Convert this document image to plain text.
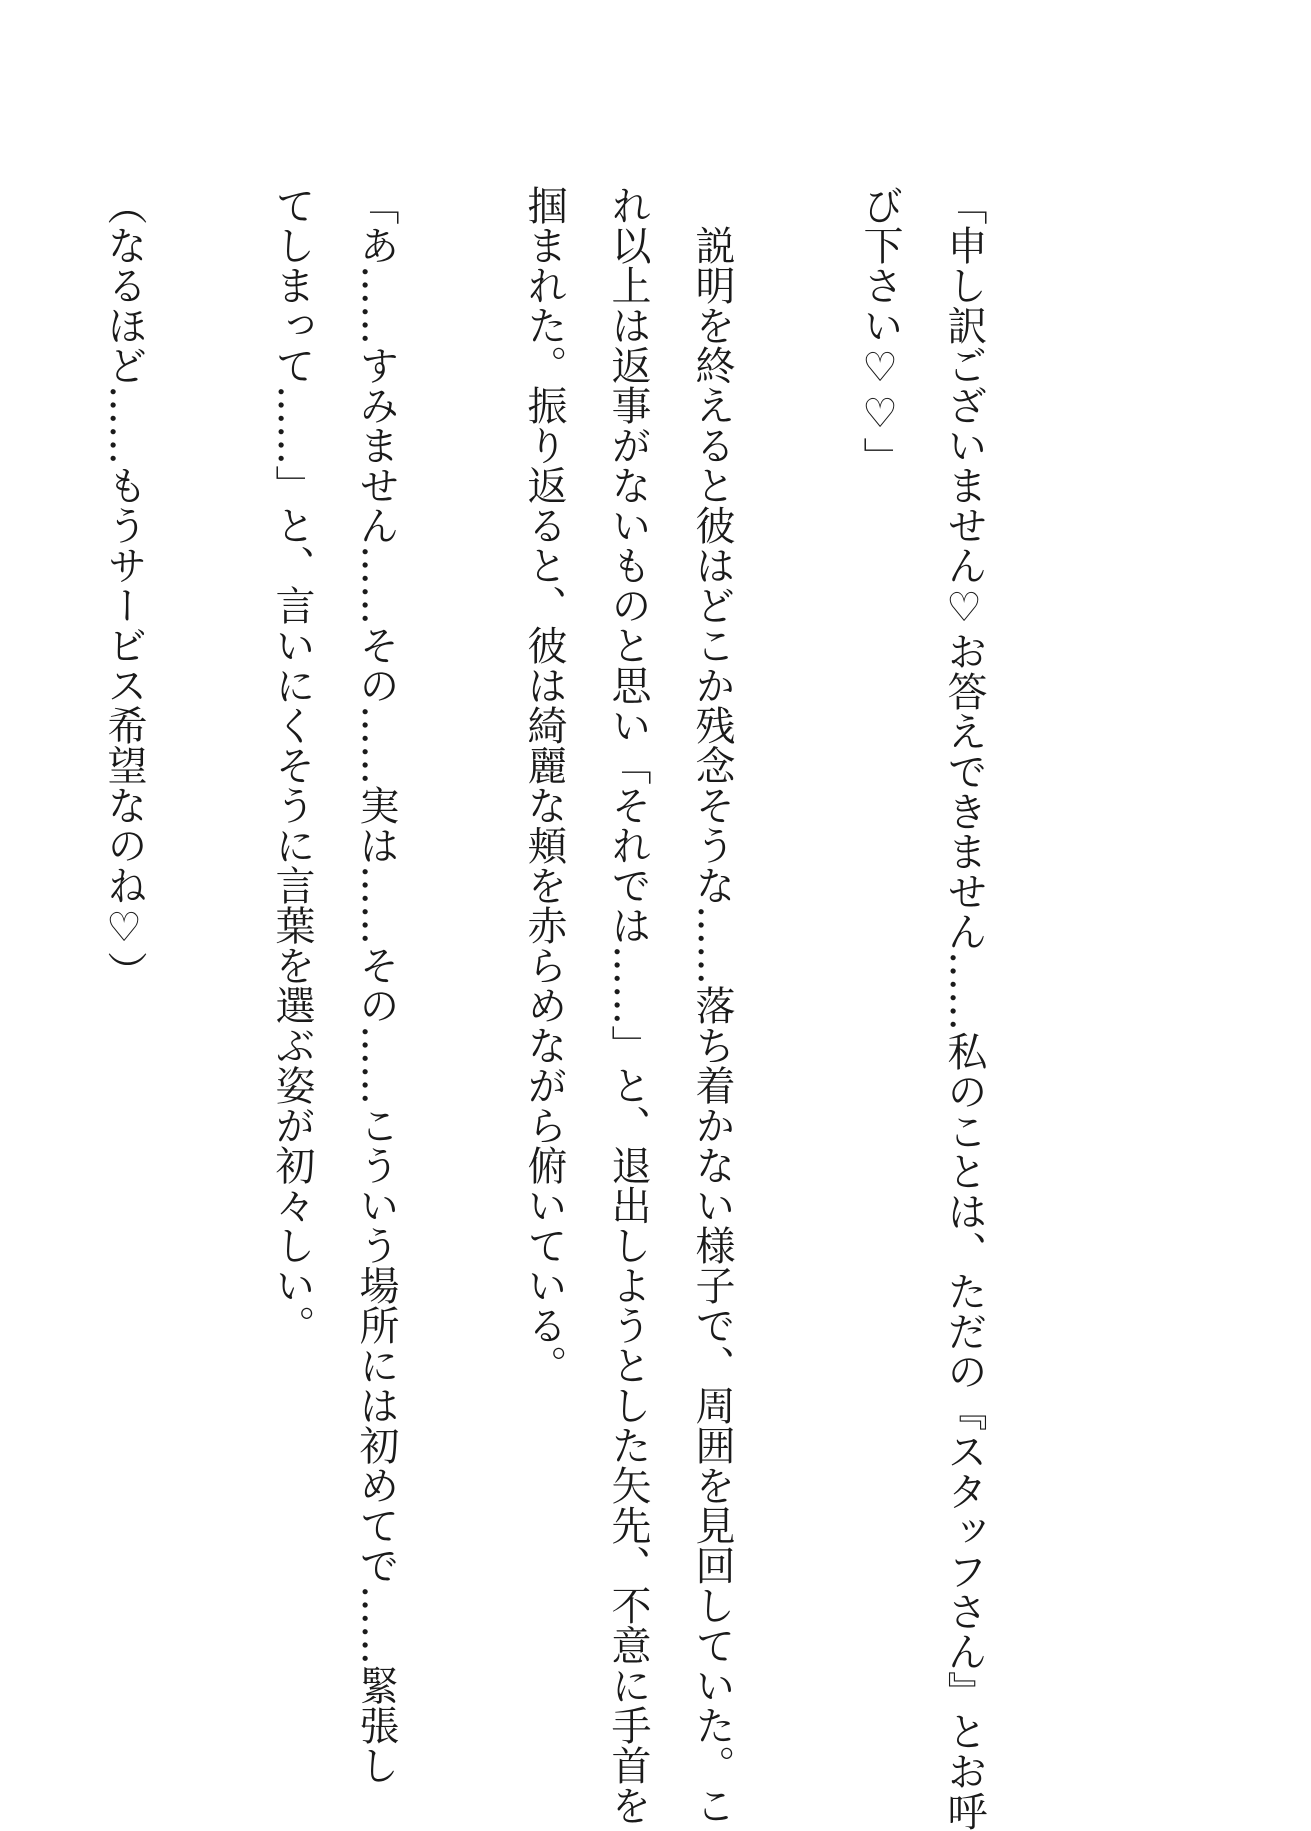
「申し訳ございません♡お答えできません……私のことは、ただの『スタッフさん』とお呼
び下さい♡♡」
　説明を終えると彼はどこか残念そうな……落ち着かない様子で、周囲を見回していた。こ
れ以上は返事がないものと思い「それでは……」と、退出しようとした矢先、不意に手首を
掴まれた。振り返ると、彼は綺麗な頬を赤らめながら俯いている。
「あ……すみません……その……実は……その……こういう場所には初めてで……緊張し
てしまって……」と、言いにくそうに言葉を選ぶ姿が初々しい。
（なるほど……もうサービス希望なのね♡）
